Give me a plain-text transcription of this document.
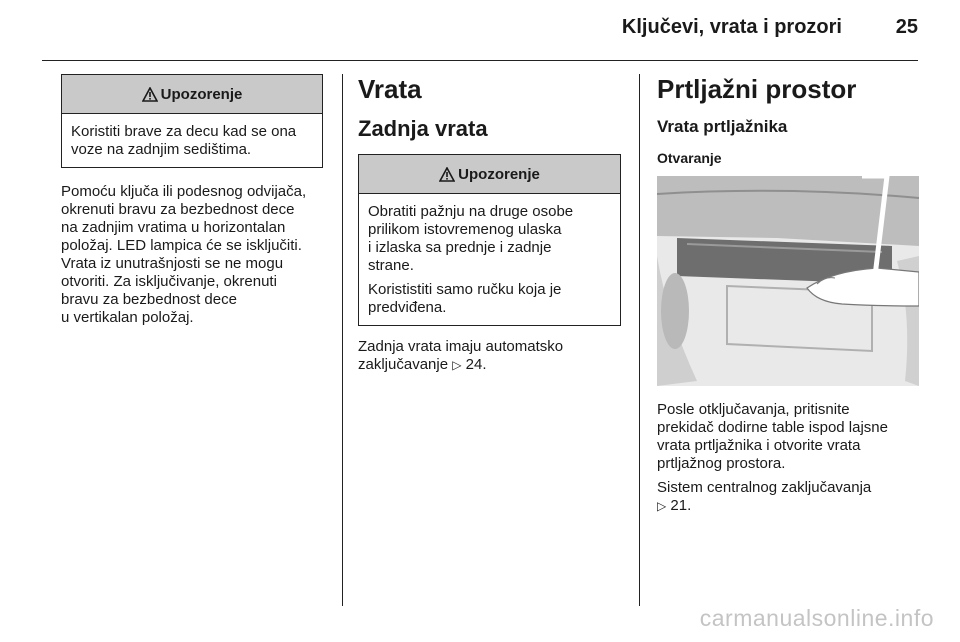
Ključevi, vrata i prozori	25
Upozorenje

Koristiti brave za decu kad se ona voze na zadnjim sedištima.

Pomoću ključa ili podesnog odvijača,
okrenuti bravu za bezbednost dece
na zadnjim vratima u horizontalan
položaj. LED lampica će se isključiti.
Vrata iz unutrašnjosti se ne mogu
otvoriti. Za isključivanje, okrenuti
bravu za bezbednost dece
u vertikalan položaj.
Vrata
Zadnja vrata
Upozorenje

Obratiti pažnju na druge osobe
prilikom istovremenog ulaska
i izlaska sa prednje i zadnje
strane.

Korististiti samo ručku koja je
predviđena.

Zadnja vrata imaju automatsko
zaključavanje ▷ 24.
Prtljažni prostor
Vrata prtljažnika
Otvaranje
Posle otključavanja, pritisnite
prekidač dodirne table ispod lajsne
vrata prtljažnika i otvorite vrata
prtljažnog prostora.
Sistem centralnog zaključavanja
▷ 21.
carmanualsonline.info
